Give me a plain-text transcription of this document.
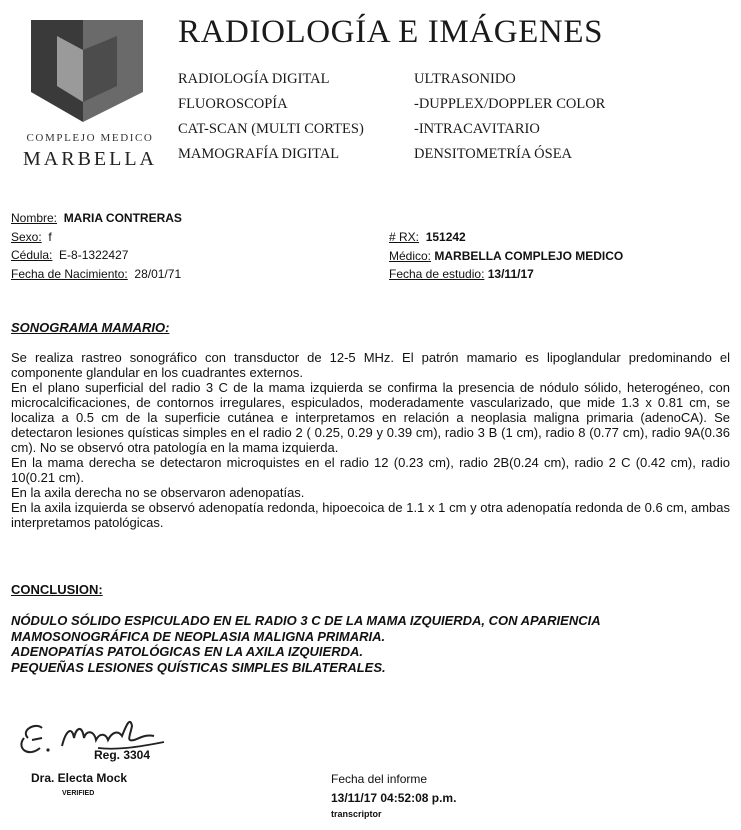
COMPLEJO MEDICO
MARBELLA
RADIOLOGÍA E IMÁGENES
RADIOLOGÍA DIGITAL
FLUOROSCOPÍA
CAT-SCAN (MULTI CORTES)
MAMOGRAFÍA DIGITAL
ULTRASONIDO
-DUPPLEX/DOPPLER COLOR
-INTRACAVITARIO
DENSITOMETRÍA ÓSEA
Nombre: MARIA CONTRERAS
Sexo: f
Cédula: E-8-1322427
Fecha de Nacimiento: 28/01/71
# RX: 151242
Médico: MARBELLA COMPLEJO MEDICO
Fecha de estudio: 13/11/17
SONOGRAMA MAMARIO:

Se realiza rastreo sonográfico con transductor de 12-5 MHz. El patrón mamario es lipoglandular predominando el componente glandular en los cuadrantes externos.

En el plano superficial del radio 3 C de la mama izquierda se confirma la presencia de nódulo sólido, heterogéneo, con microcalcificaciones, de contornos irregulares, espiculados, moderadamente vascularizado, que mide 1.3 x 0.81 cm, se localiza a 0.5 cm de la superficie cutánea e interpretamos en relación a neoplasia maligna primaria (adenoCA). Se detectaron lesiones quísticas simples en el radio 2 ( 0.25, 0.29 y 0.39 cm), radio 3 B (1 cm), radio 8 (0.77 cm), radio 9A(0.36 cm). No se observó otra patología en la mama izquierda.

En la mama derecha se detectaron microquistes en el radio 12 (0.23 cm), radio 2B(0.24 cm), radio 2 C (0.42 cm), radio 10(0.21 cm).

En la axila derecha no se observaron adenopatías.

En la axila izquierda se observó adenopatía redonda, hipoecoica de 1.1 x 1 cm y otra adenopatía redonda de 0.6 cm, ambas interpretamos patológicas.

CONCLUSION:
NÓDULO SÓLIDO ESPICULADO EN EL RADIO 3 C DE LA MAMA IZQUIERDA, CON APARIENCIA
MAMOSONOGRÁFICA DE NEOPLASIA MALIGNA PRIMARIA.
ADENOPATÍAS PATOLÓGICAS EN LA AXILA IZQUIERDA.
PEQUEÑAS LESIONES QUÍSTICAS SIMPLES BILATERALES.
Reg. 3304
Dra. Electa Mock
VERIFIED
Fecha del informe
13/11/17 04:52:08 p.m.
transcriptor
